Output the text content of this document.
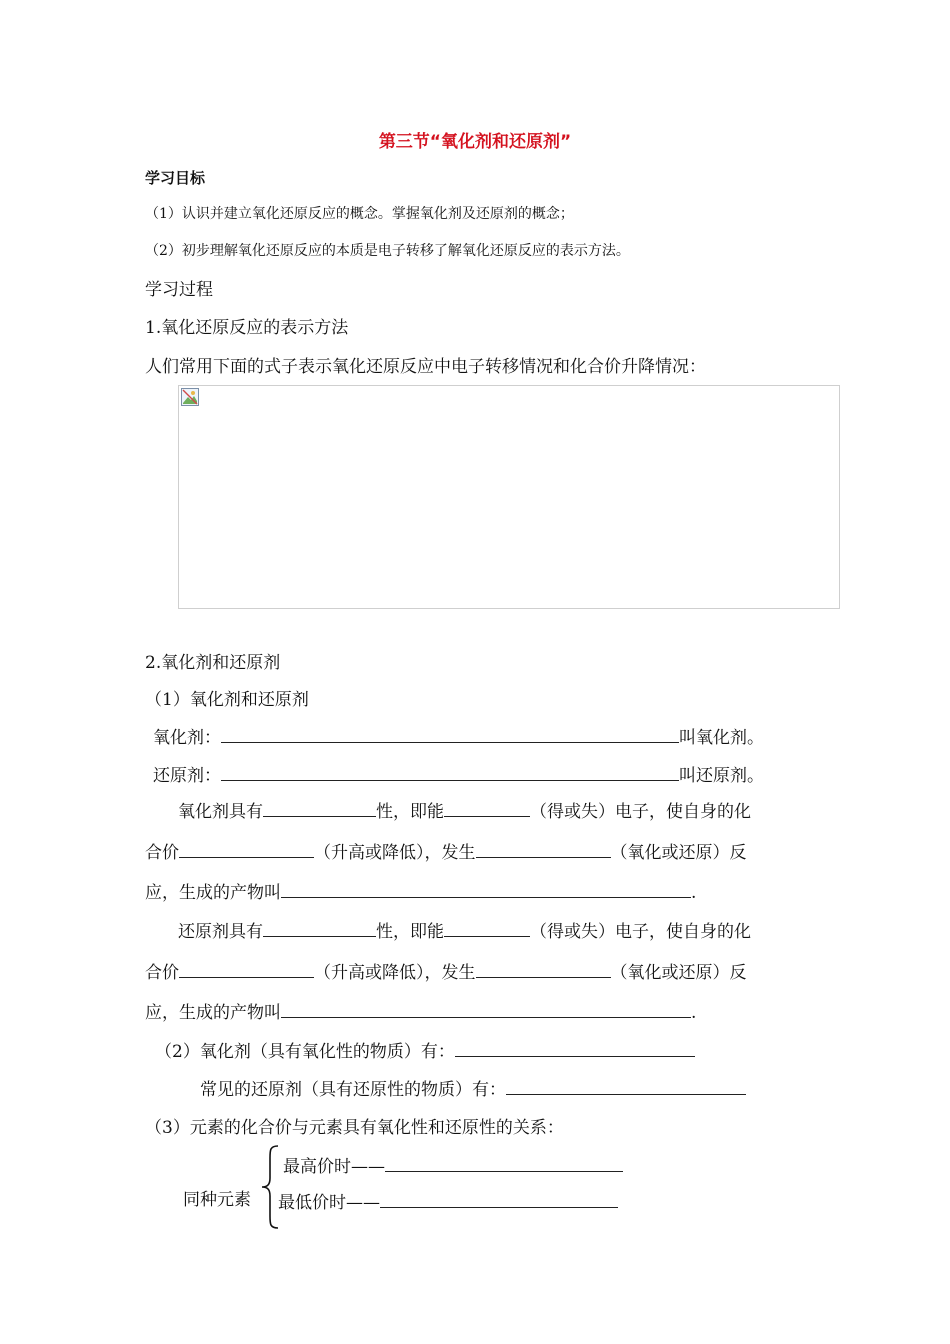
第三节“氧化剂和还原剂”
学习目标
（1）认识并建立氧化还原反应的概念。掌握氧化剂及还原剂的概念；
（2）初步理解氧化还原反应的本质是电子转移了解氧化还原反应的表示方法。
学习过程
1.氧化还原反应的表示方法
人们常用下面的式子表示氧化还原反应中电子转移情况和化合价升降情况：
2.氧化剂和还原剂
（1）氧化剂和还原剂
氧化剂：	叫氧化剂。
还原剂：	叫还原剂。
氧化剂具有	性，即能	（得或失）电子，使自身的化
合价	（升高或降低），发生	（氧化或还原）反
应，生成的产物叫	.
还原剂具有	性，即能	（得或失）电子，使自身的化
合价	（升高或降低），发生	（氧化或还原）反
应，生成的产物叫	.
（2）氧化剂（具有氧化性的物质）有：
常见的还原剂（具有还原性的物质）有：
（3）元素的化合价与元素具有氧化性和还原性的关系：
同种元素
最高价时——
最低价时——
